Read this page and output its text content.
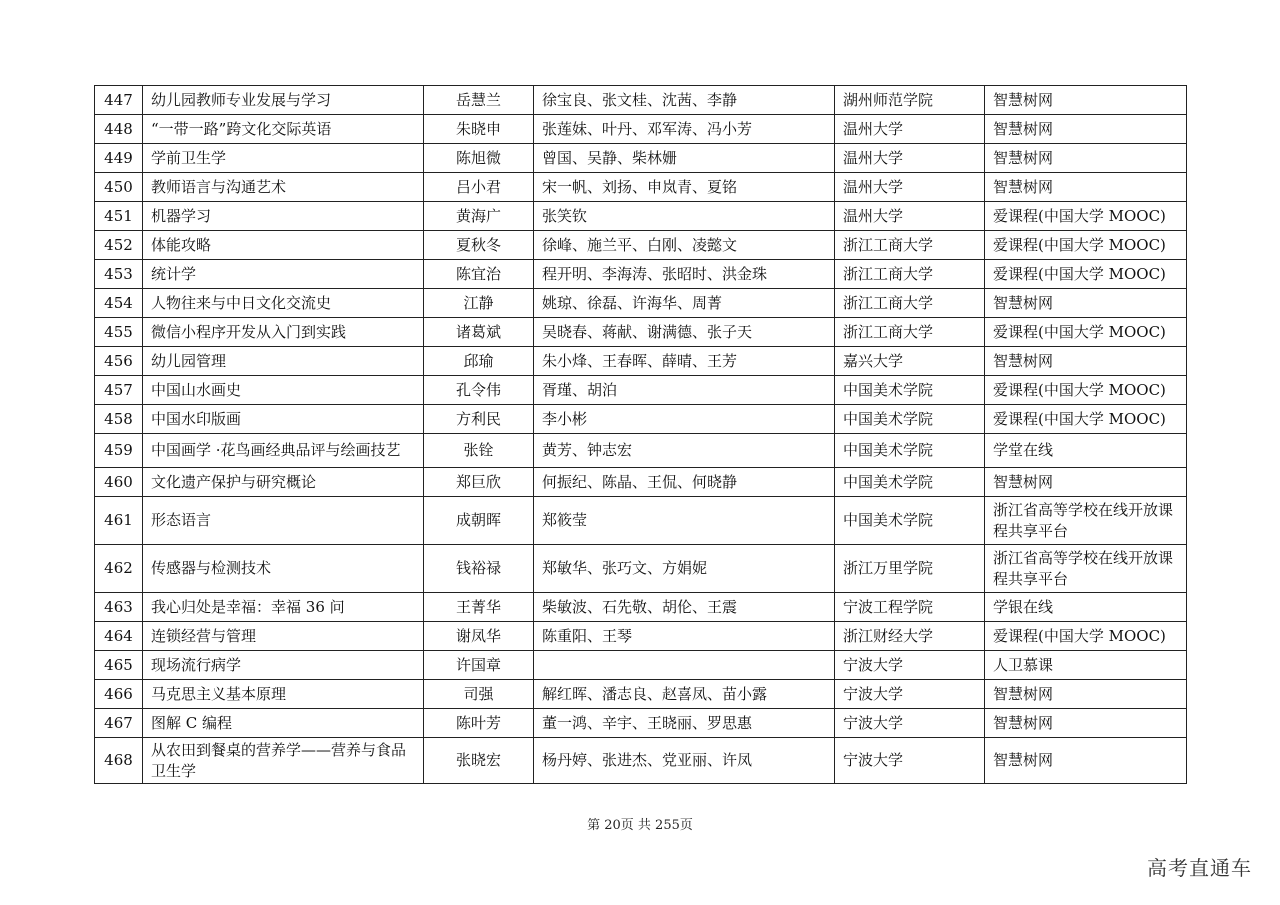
447	幼儿园教师专业发展与学习	岳慧兰	徐宝良、张文桂、沈茜、李静	湖州师范学院	智慧树网
448	“一带一路”跨文化交际英语	朱晓申	张莲妹、叶丹、邓军涛、冯小芳	温州大学	智慧树网
449	学前卫生学	陈旭微	曾国、吴静、柴林姗	温州大学	智慧树网
450	教师语言与沟通艺术	吕小君	宋一帆、刘扬、申岚青、夏铭	温州大学	智慧树网
451	机器学习	黄海广	张笑钦	温州大学	爱课程(中国大学 MOOC)
452	体能攻略	夏秋冬	徐峰、施兰平、白刚、凌懿文	浙江工商大学	爱课程(中国大学 MOOC)
453	统计学	陈宜治	程开明、李海涛、张昭时、洪金珠	浙江工商大学	爱课程(中国大学 MOOC)
454	人物往来与中日文化交流史	江静	姚琼、徐磊、许海华、周菁	浙江工商大学	智慧树网
455	微信小程序开发从入门到实践	诸葛斌	吴晓春、蒋献、谢满德、张子天	浙江工商大学	爱课程(中国大学 MOOC)
456	幼儿园管理	邱瑜	朱小烽、王春晖、薛晴、王芳	嘉兴大学	智慧树网
457	中国山水画史	孔令伟	胥瑾、胡泊	中国美术学院	爱课程(中国大学 MOOC)
458	中国水印版画	方利民	李小彬	中国美术学院	爱课程(中国大学 MOOC)
459	中国画学 ·花鸟画经典品评与绘画技艺	张铨	黄芳、钟志宏	中国美术学院	学堂在线
460	文化遗产保护与研究概论	郑巨欣	何振纪、陈晶、王侃、何晓静	中国美术学院	智慧树网
461	形态语言	成朝晖	郑筱莹	中国美术学院	浙江省高等学校在线开放课程共享平台
462	传感器与检测技术	钱裕禄	郑敏华、张巧文、方娟妮	浙江万里学院	浙江省高等学校在线开放课程共享平台
463	我心归处是幸福：幸福 36 问	王菁华	柴敏波、石先敬、胡伦、王震	宁波工程学院	学银在线
464	连锁经营与管理	谢凤华	陈重阳、王琴	浙江财经大学	爱课程(中国大学 MOOC)
465	现场流行病学	许国章		宁波大学	人卫慕课
466	马克思主义基本原理	司强	解红晖、潘志良、赵喜凤、苗小露	宁波大学	智慧树网
467	图解 C 编程	陈叶芳	董一鸿、辛宇、王晓丽、罗思惠	宁波大学	智慧树网
468	从农田到餐桌的营养学——营养与食品卫生学	张晓宏	杨丹婷、张进杰、党亚丽、许凤	宁波大学	智慧树网
第 20页 共 255页
高考直通车
